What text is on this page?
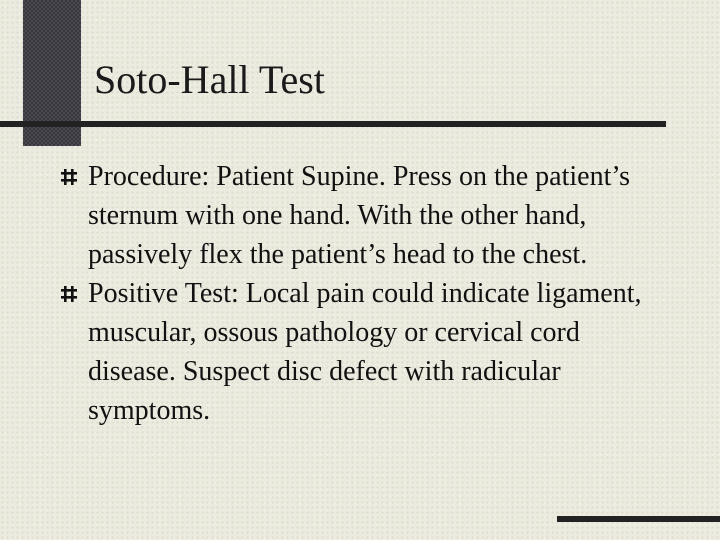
Soto-Hall Test
Procedure: Patient Supine. Press on the patient’s sternum with one hand. With the other hand, passively flex the patient’s head to the chest.
Positive Test: Local pain could indicate ligament, muscular, ossous pathology or cervical cord disease. Suspect disc defect with radicular symptoms.
